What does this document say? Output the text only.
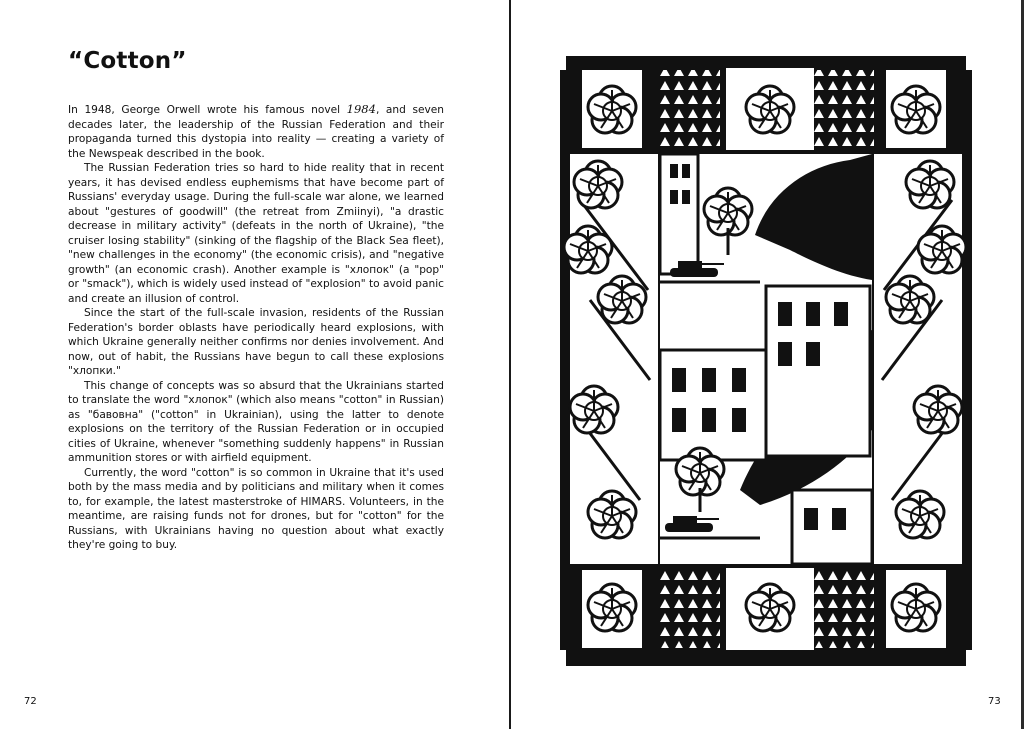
“Cotton”

In 1948, George Orwell wrote his famous novel 1984, and seven decades later, the leadership of the Russian Federation and their propaganda turned this dystopia into reality — creating a variety of the Newspeak described in the book.

The Russian Federation tries so hard to hide reality that in recent years, it has devised endless euphemisms that have become part of Russians' everyday usage. During the full-scale war alone, we learned about "gestures of goodwill" (the retreat from Zmiinyi), "a drastic decrease in military activity" (defeats in the north of Ukraine), "the cruiser losing stability" (sinking of the flagship of the Black Sea fleet), "new challenges in the economy" (the economic crisis), and "negative growth" (an economic crash). Another example is "хлопок" (a "pop" or "smack"), which is widely used instead of "explosion" to avoid panic and create an illusion of control.

Since the start of the full-scale invasion, residents of the Russian Federation's border oblasts have periodically heard explosions, with which Ukraine generally neither confirms nor denies involvement. And now, out of habit, the Russians have begun to call these explosions "хлопки."

This change of concepts was so absurd that the Ukrainians started to translate the word "хлопок" (which also means "cotton" in Russian) as "бавовна" ("cotton" in Ukrainian), using the latter to denote explosions on the territory of the Russian Federation or in occupied cities of Ukraine, whenever "something suddenly happens" in Russian ammunition stores or with airfield equipment.

Currently, the word "cotton" is so common in Ukraine that it's used both by the mass media and by politicians and military when it comes to, for example, the latest masterstroke of HIMARS. Volunteers, in the meantime, are raising funds not for drones, but for "cotton" for the Russians, with Ukrainians having no question about what exactly they're going to buy.

72	73
